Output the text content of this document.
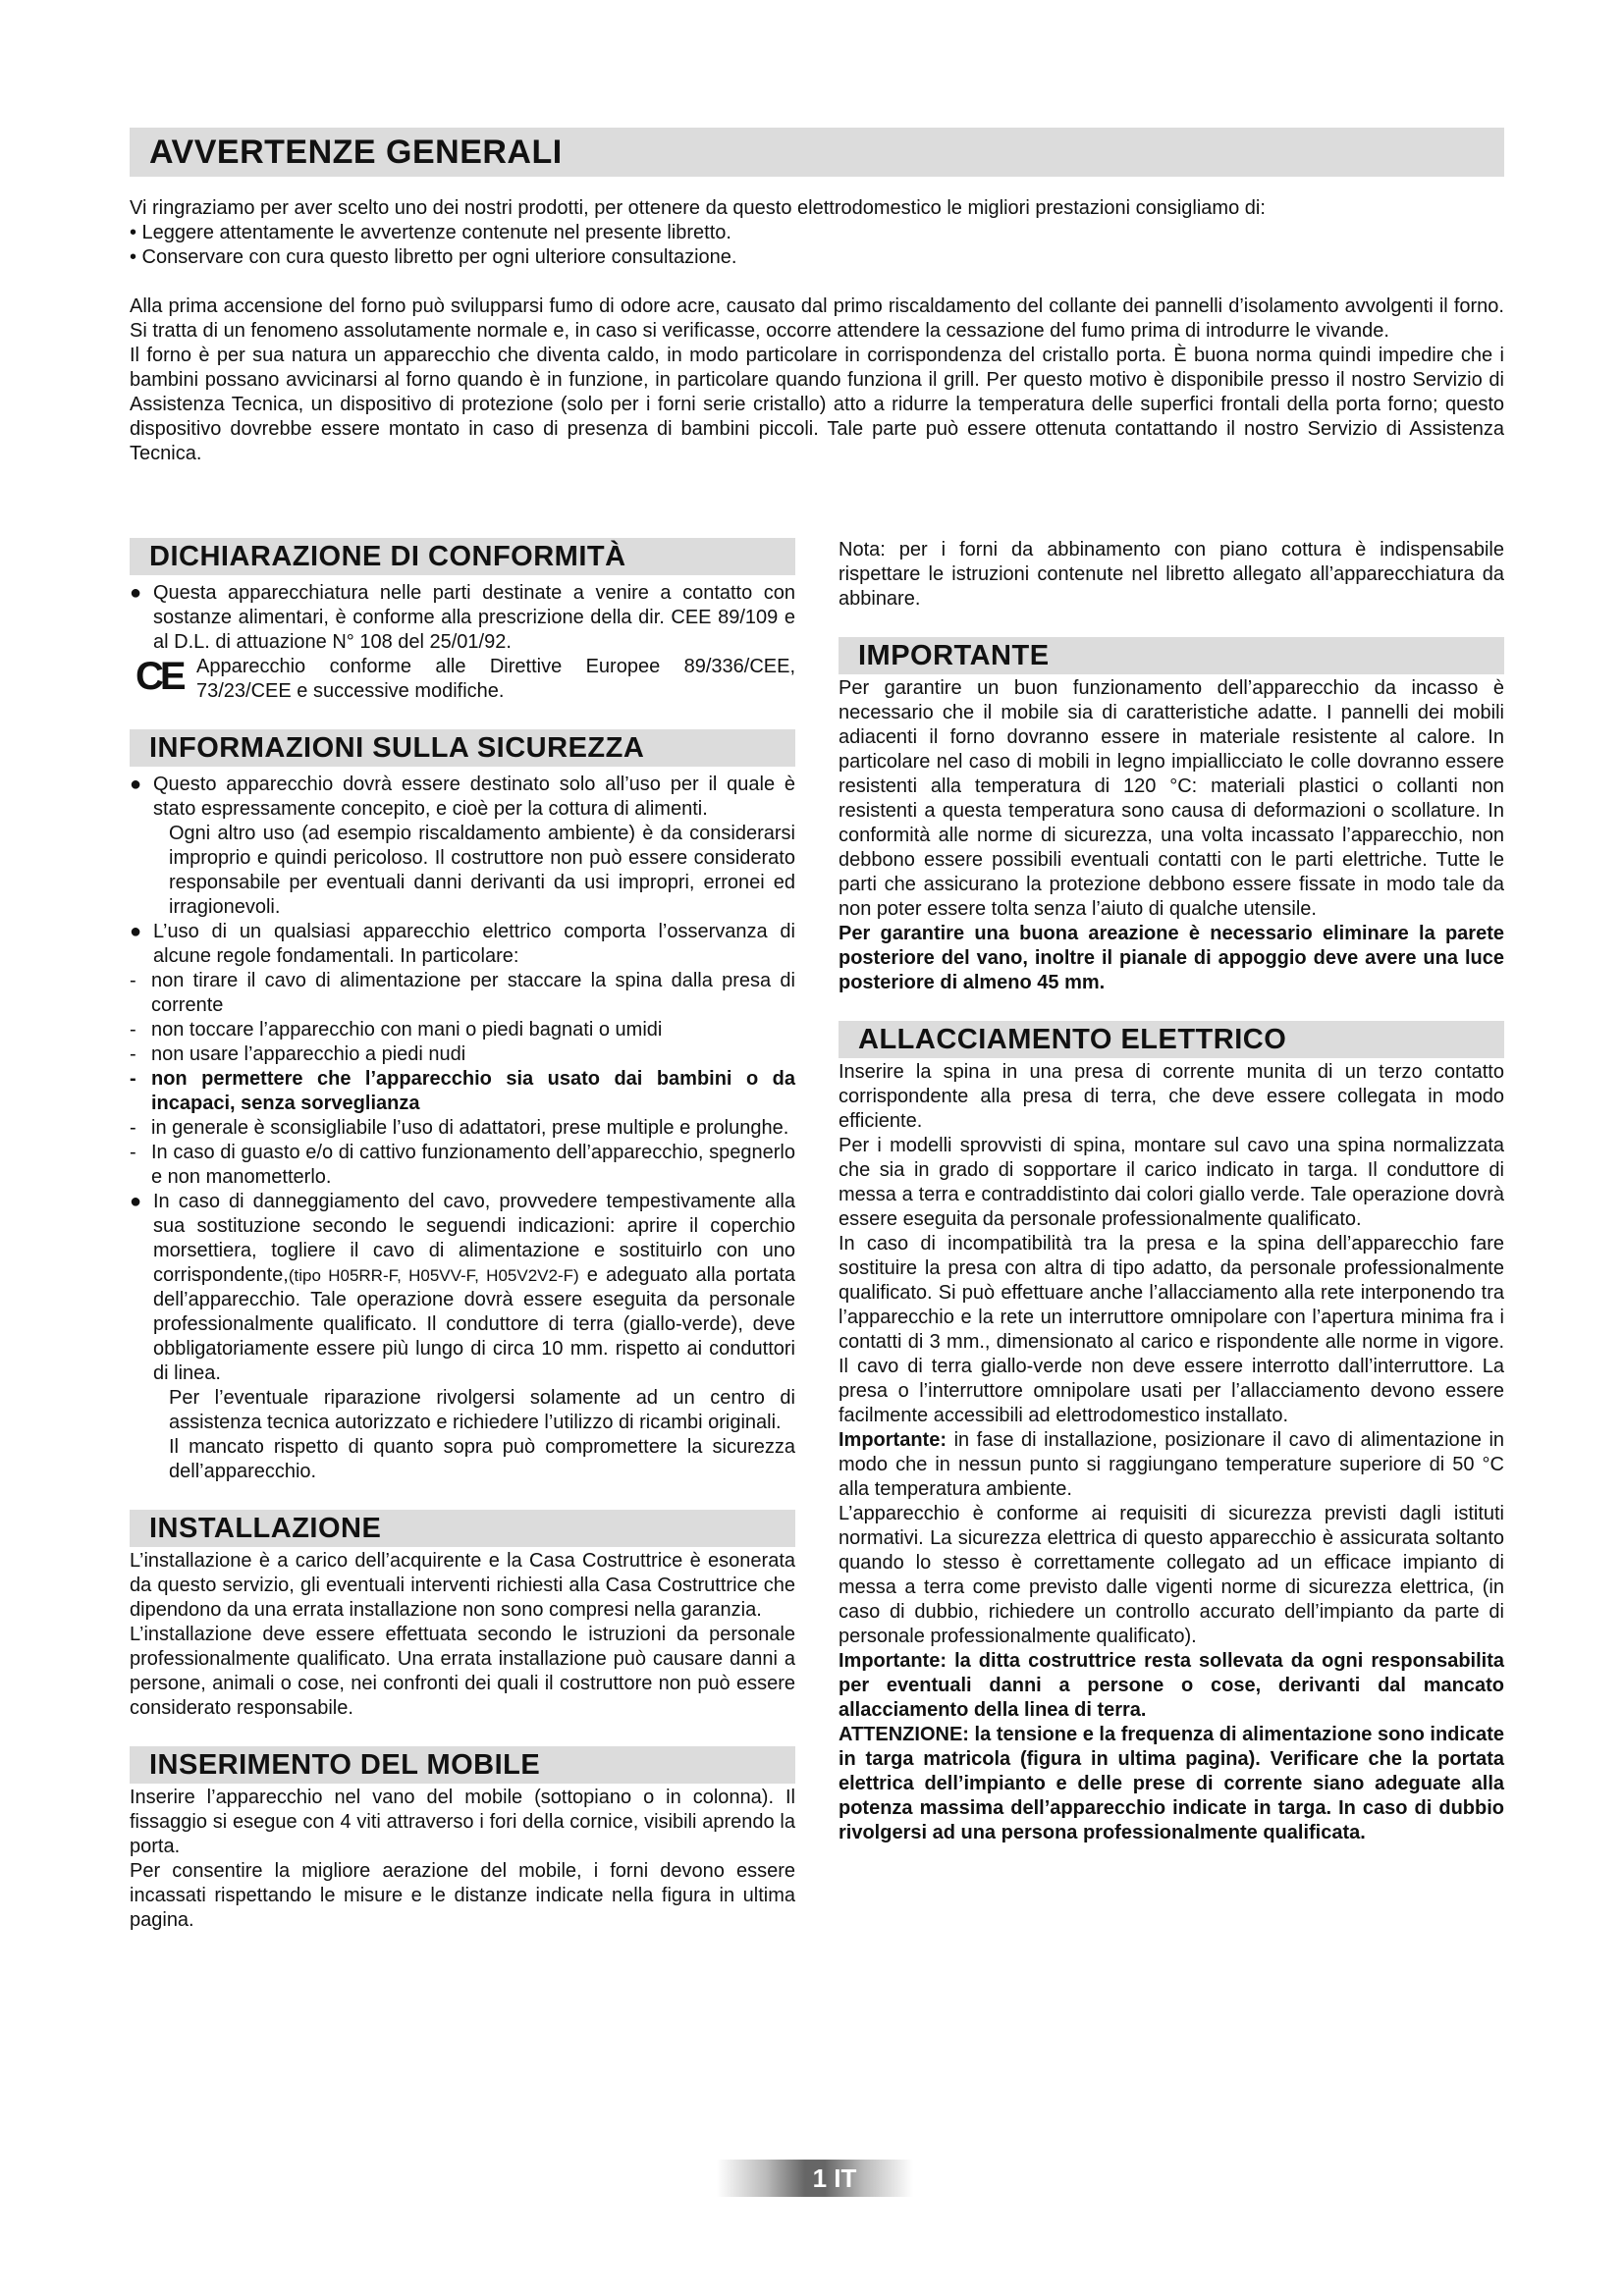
AVVERTENZE GENERALI

Vi ringraziamo per aver scelto uno dei nostri prodotti, per ottenere da questo elettrodomestico le migliori prestazioni consigliamo di:

• Leggere attentamente le avvertenze contenute nel presente libretto.

• Conservare con cura questo libretto per ogni ulteriore consultazione.

Alla prima accensione del forno può svilupparsi fumo di odore acre, causato dal primo riscaldamento del collante dei pannelli d’isolamento avvolgenti il forno. Si tratta di un fenomeno assolutamente normale e, in caso si verificasse, occorre attendere la cessazione del fumo prima di introdurre le vivande.

Il forno è per sua natura un apparecchio che diventa caldo, in modo particolare in corrispondenza del cristallo porta. È buona norma quindi impedire che i bambini possano avvicinarsi al forno quando è in funzione, in particolare quando funziona il grill. Per questo motivo è disponibile presso il nostro Servizio di Assistenza Tecnica, un dispositivo di protezione (solo per i forni serie cristallo) atto a ridurre la temperatura delle superfici frontali della porta forno; questo dispositivo dovrebbe essere montato in caso di presenza di bambini piccoli. Tale parte può essere ottenuta contattando il nostro Servizio di Assistenza Tecnica.

DICHIARAZIONE DI CONFORMITÀ
● Questa apparecchiatura nelle parti destinate a venire a contatto con sostanze alimentari, è conforme alla prescrizione della dir. CEE 89/109 e al D.L. di attuazione N° 108 del 25/01/92.
CE Apparecchio conforme alle Direttive Europee 89/336/CEE, 73/23/CEE e successive modifiche.
INFORMAZIONI SULLA SICUREZZA
● Questo apparecchio dovrà essere destinato solo all’uso per il quale è stato espressamente concepito, e cioè per la cottura di alimenti.

Ogni altro uso (ad esempio riscaldamento ambiente) è da considerarsi improprio e quindi pericoloso. Il costruttore non può essere considerato responsabile per eventuali danni derivanti da usi impropri, erronei ed irragionevoli.

● L’uso di un qualsiasi apparecchio elettrico comporta l’osservanza di alcune regole fondamentali. In particolare:
- non tirare il cavo di alimentazione per staccare la spina dalla presa di corrente
- non toccare l’apparecchio con mani o piedi bagnati o umidi
- non usare l’apparecchio a piedi nudi
- non permettere che l’apparecchio sia usato dai bambini o da incapaci, senza sorveglianza
- in generale è sconsigliabile l’uso di adattatori, prese multiple e prolunghe.
- In caso di guasto e/o di cattivo funzionamento dell’apparecchio, spegnerlo e non manometterlo.
● In caso di danneggiamento del cavo, provvedere tempestivamente alla sua sostituzione secondo le seguendi indicazioni: aprire il coperchio morsettiera, togliere il cavo di alimentazione e sostituirlo con uno corrispondente,(tipo H05RR-F, H05VV-F, H05V2V2-F) e adeguato alla portata dell’apparecchio. Tale operazione dovrà essere eseguita da personale professionalmente qualificato. Il conduttore di terra (giallo-verde), deve obbligatoriamente essere più lungo di circa 10 mm. rispetto ai conduttori di linea.

Per l’eventuale riparazione rivolgersi solamente ad un centro di assistenza tecnica autorizzato e richiedere l’utilizzo di ricambi originali.

Il mancato rispetto di quanto sopra può compromettere la sicurezza dell’apparecchio.

INSTALLAZIONE

L’installazione è a carico dell’acquirente e la Casa Costruttrice è esonerata da questo servizio, gli eventuali interventi richiesti alla Casa Costruttrice che dipendono da una errata installazione non sono compresi nella garanzia.

L’installazione deve essere effettuata secondo le istruzioni da personale professionalmente qualificato. Una errata installazione può causare danni a persone, animali o cose, nei confronti dei quali il costruttore non può essere considerato responsabile.

INSERIMENTO DEL MOBILE

Inserire l’apparecchio nel vano del mobile (sottopiano o in colonna). Il fissaggio si esegue con 4 viti attraverso i fori della cornice, visibili aprendo la porta.

Per consentire la migliore aerazione del mobile, i forni devono essere incassati rispettando le misure e le distanze indicate nella figura in ultima pagina.

Nota: per i forni da abbinamento con piano cottura è indispensabile rispettare le istruzioni contenute nel libretto allegato all’apparecchiatura da abbinare.

IMPORTANTE

Per garantire un buon funzionamento dell’apparecchio da incasso è necessario che il mobile sia di caratteristiche adatte. I pannelli dei mobili adiacenti il forno dovranno essere in materiale resistente al calore. In particolare nel caso di mobili in legno impiallicciato le colle dovranno essere resistenti alla temperatura di 120 °C: materiali plastici o collanti non resistenti a questa temperatura sono causa di deformazioni o scollature. In conformità alle norme di sicurezza, una volta incassato l’apparecchio, non debbono essere possibili eventuali contatti con le parti elettriche. Tutte le parti che assicurano la protezione debbono essere fissate in modo tale da non poter essere tolta senza l’aiuto di qualche utensile.

Per garantire una buona areazione è necessario eliminare la parete posteriore del vano, inoltre il pianale di appoggio deve avere una luce posteriore di almeno 45 mm.

ALLACCIAMENTO ELETTRICO

Inserire la spina in una presa di corrente munita di un terzo contatto corrispondente alla presa di terra, che deve essere collegata in modo efficiente.

Per i modelli sprovvisti di spina, montare sul cavo una spina normalizzata che sia in grado di sopportare il carico indicato in targa. Il conduttore di messa a terra e contraddistinto dai colori giallo verde. Tale operazione dovrà essere eseguita da personale professionalmente qualificato.

In caso di incompatibilità tra la presa e la spina dell’apparecchio fare sostituire la presa con altra di tipo adatto, da personale professionalmente qualificato. Si può effettuare anche l’allacciamento alla rete interponendo tra l’apparecchio e la rete un interruttore omnipolare con l’apertura minima fra i contatti di 3 mm., dimensionato al carico e rispondente alle norme in vigore. Il cavo di terra giallo-verde non deve essere interrotto dall’interruttore. La presa o l’interruttore omnipolare usati per l’allacciamento devono essere facilmente accessibili ad elettrodomestico installato.

Importante: in fase di installazione, posizionare il cavo di alimentazione in modo che in nessun punto si raggiungano temperature superiore di 50 °C alla temperatura ambiente.

L’apparecchio è conforme ai requisiti di sicurezza previsti dagli istituti normativi. La sicurezza elettrica di questo apparecchio è assicurata soltanto quando lo stesso è correttamente collegato ad un efficace impianto di messa a terra come previsto dalle vigenti norme di sicurezza elettrica, (in caso di dubbio, richiedere un controllo accurato dell’impianto da parte di personale professionalmente qualificato).

Importante: la ditta costruttrice resta sollevata da ogni responsabilita per eventuali danni a persone o cose, derivanti dal mancato allacciamento della linea di terra.

ATTENZIONE: la tensione e la frequenza di alimentazione sono indicate in targa matricola (figura in ultima pagina). Verificare che la portata elettrica dell’impianto e delle prese di corrente siano adeguate alla potenza massima dell’apparecchio indicate in targa. In caso di dubbio rivolgersi ad una persona professionalmente qualificata.

1 IT
